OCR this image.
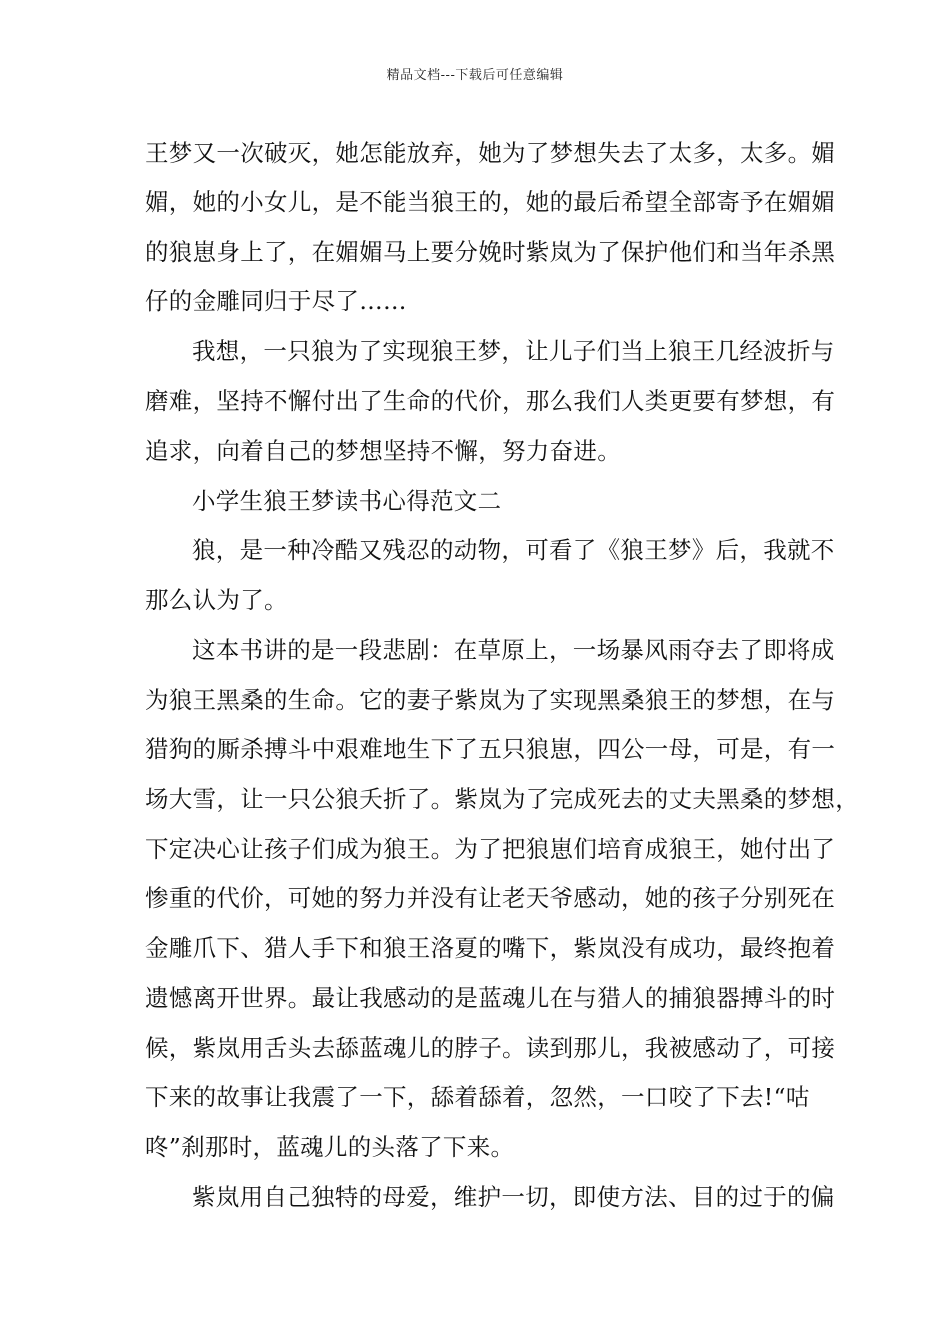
精品文档---下载后可任意编辑
王梦又一次破灭，她怎能放弃，她为了梦想失去了太多，太多。媚
媚，她的小女儿，是不能当狼王的，她的最后希望全部寄予在媚媚
的狼崽身上了，在媚媚马上要分娩时紫岚为了保护他们和当年杀黑
仔的金雕同归于尽了……
我想，一只狼为了实现狼王梦，让儿子们当上狼王几经波折与
磨难，坚持不懈付出了生命的代价，那么我们人类更要有梦想，有
追求，向着自己的梦想坚持不懈，努力奋进。
小学生狼王梦读书心得范文二
狼，是一种冷酷又残忍的动物，可看了《狼王梦》后，我就不
那么认为了。
这本书讲的是一段悲剧：在草原上，一场暴风雨夺去了即将成
为狼王黑桑的生命。它的妻子紫岚为了实现黑桑狼王的梦想，在与
猎狗的厮杀搏斗中艰难地生下了五只狼崽，四公一母，可是，有一
场大雪，让一只公狼夭折了。紫岚为了完成死去的丈夫黑桑的梦想，
下定决心让孩子们成为狼王。为了把狼崽们培育成狼王，她付出了
惨重的代价，可她的努力并没有让老天爷感动，她的孩子分别死在
金雕爪下、猎人手下和狼王洛夏的嘴下，紫岚没有成功，最终抱着
遗憾离开世界。最让我感动的是蓝魂儿在与猎人的捕狼器搏斗的时
候，紫岚用舌头去舔蓝魂儿的脖子。读到那儿，我被感动了，可接
下来的故事让我震了一下，舔着舔着，忽然，一口咬了下去!“咕
咚”刹那时，蓝魂儿的头落了下来。
紫岚用自己独特的母爱，维护一切，即使方法、目的过于的偏
